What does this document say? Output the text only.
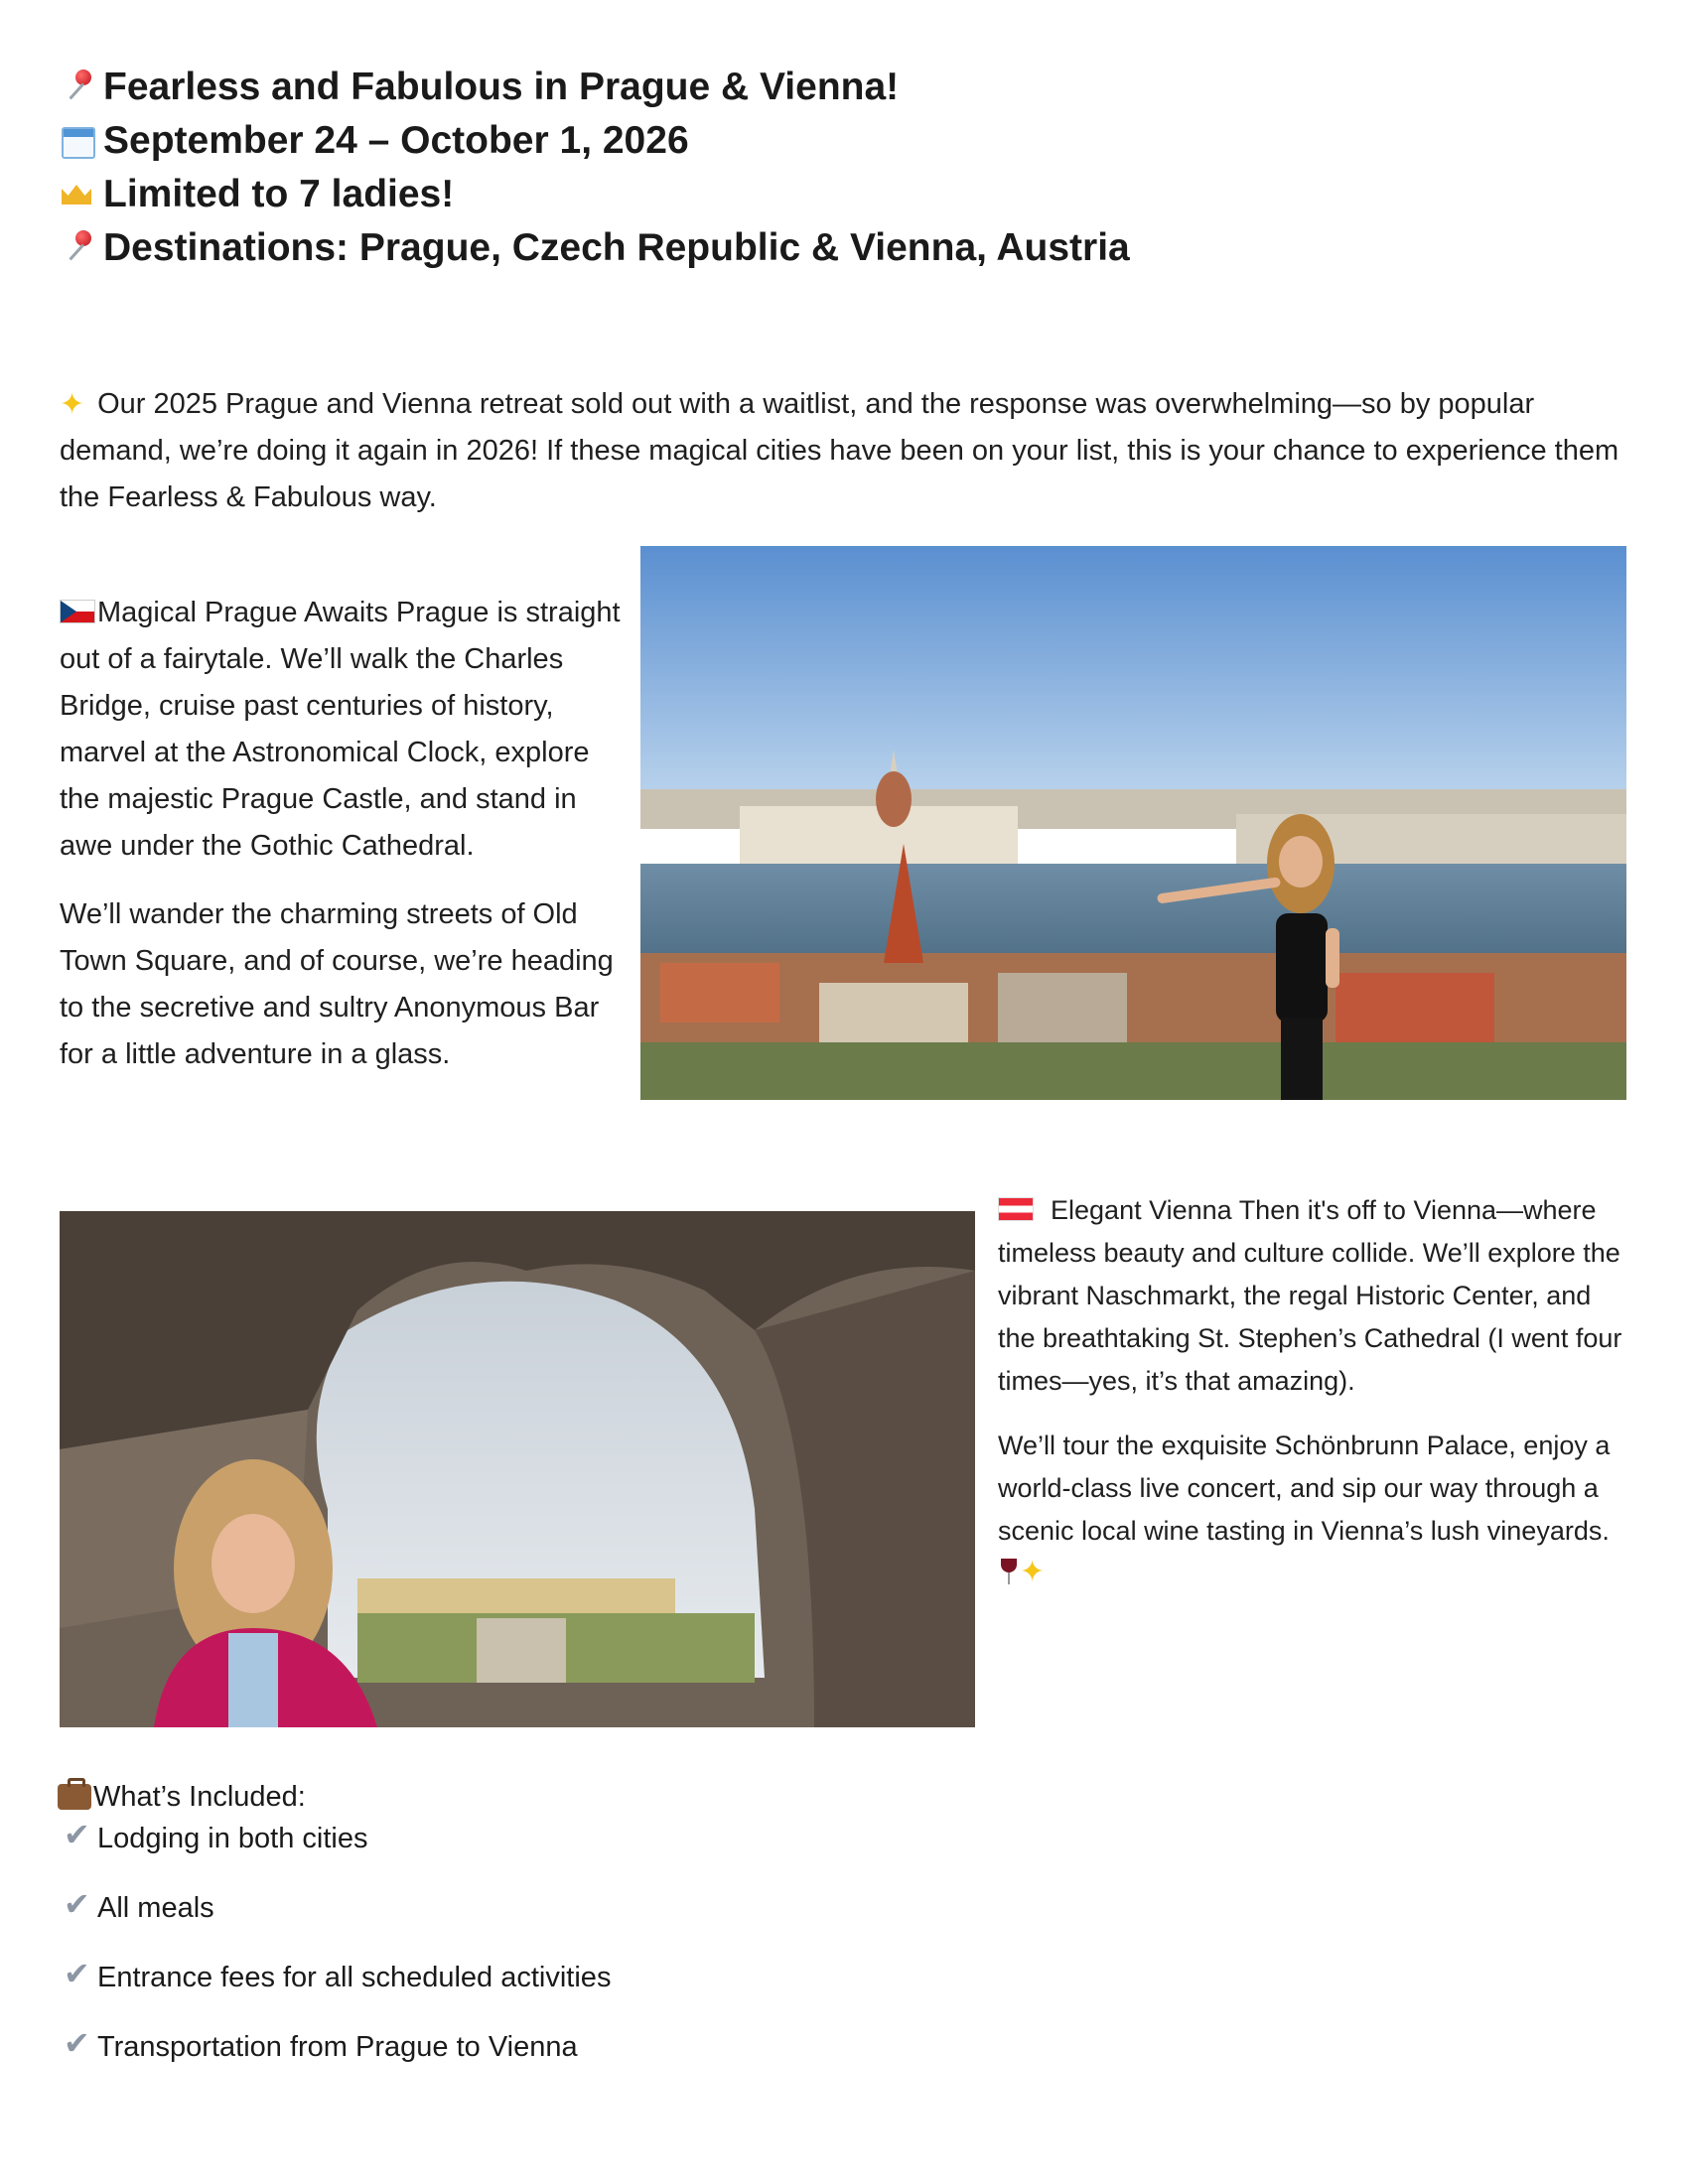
Fearless and Fabulous in Prague & Vienna!
September 24 – October 1, 2026
Limited to 7 ladies!
Destinations: Prague, Czech Republic & Vienna, Austria

✦ Our 2025 Prague and Vienna retreat sold out with a waitlist, and the response was overwhelming—so by popular demand, we’re doing it again in 2026! If these magical cities have been on your list, this is your chance to experience them the Fearless & Fabulous way.

Magical Prague Awaits Prague is straight out of a fairytale. We’ll walk the Charles Bridge, cruise past centuries of history, marvel at the Astronomical Clock, explore the majestic Prague Castle, and stand in awe under the Gothic Cathedral.

We’ll wander the charming streets of Old Town Square, and of course, we’re heading to the secretive and sultry Anonymous Bar for a little adventure in a glass.

Elegant Vienna Then it's off to Vienna—where timeless beauty and culture collide. We’ll explore the vibrant Naschmarkt, the regal Historic Center, and the breathtaking St. Stephen’s Cathedral (I went four times—yes, it’s that amazing).

We’ll tour the exquisite Schönbrunn Palace, enjoy a world-class live concert, and sip our way through a scenic local wine tasting in Vienna’s lush vineyards. ✦

What’s Included:
✔
Lodging in both cities
✔
All meals
✔
Entrance fees for all scheduled activities
✔
Transportation from Prague to Vienna
